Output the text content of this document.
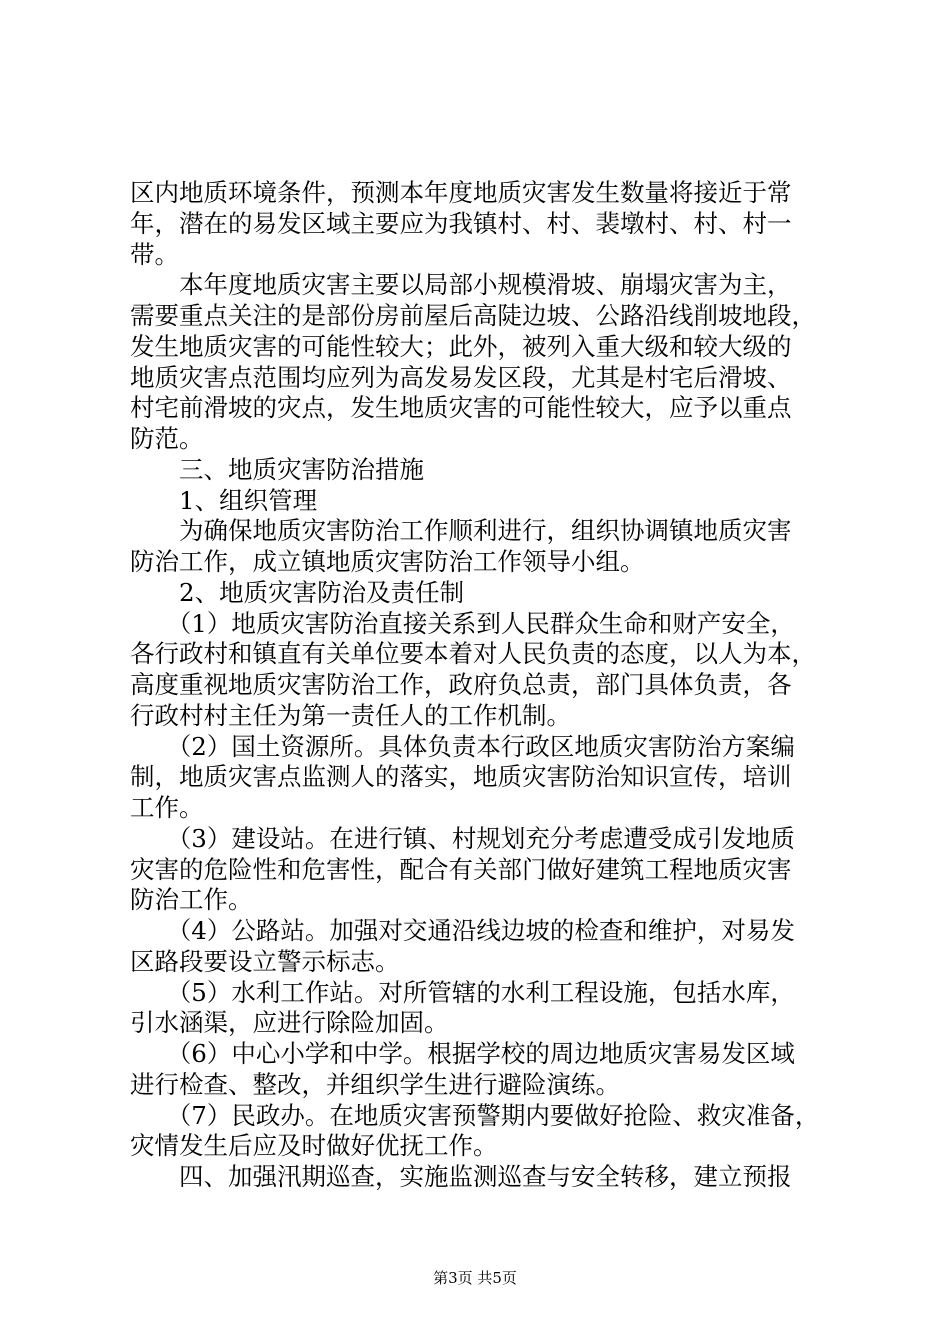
区内地质环境条件，预测本年度地质灾害发生数量将接近于常
年，潜在的易发区域主要应为我镇村、村、裴墩村、村、村一
带。
　　本年度地质灾害主要以局部小规模滑坡、崩塌灾害为主，
需要重点关注的是部份房前屋后高陡边坡、公路沿线削坡地段，
发生地质灾害的可能性较大；此外，被列入重大级和较大级的
地质灾害点范围均应列为高发易发区段，尤其是村宅后滑坡、
村宅前滑坡的灾点，发生地质灾害的可能性较大，应予以重点
防范。
　　三、地质灾害防治措施
　　1、组织管理
　　为确保地质灾害防治工作顺利进行，组织协调镇地质灾害
防治工作，成立镇地质灾害防治工作领导小组。
　　2、地质灾害防治及责任制
　　（1）地质灾害防治直接关系到人民群众生命和财产安全，
各行政村和镇直有关单位要本着对人民负责的态度，以人为本，
高度重视地质灾害防治工作，政府负总责，部门具体负责，各
行政村村主任为第一责任人的工作机制。
　　（2）国土资源所。具体负责本行政区地质灾害防治方案编
制，地质灾害点监测人的落实，地质灾害防治知识宣传，培训
工作。
　　（3）建设站。在进行镇、村规划充分考虑遭受成引发地质
灾害的危险性和危害性，配合有关部门做好建筑工程地质灾害
防治工作。
　　（4）公路站。加强对交通沿线边坡的检查和维护，对易发
区路段要设立警示标志。
　　（5）水利工作站。对所管辖的水利工程设施，包括水库，
引水涵渠，应进行除险加固。
　　（6）中心小学和中学。根据学校的周边地质灾害易发区域
进行检查、整改，并组织学生进行避险演练。
　　（7）民政办。在地质灾害预警期内要做好抢险、救灾准备，
灾情发生后应及时做好优抚工作。
　　四、加强汛期巡查，实施监测巡查与安全转移，建立预报
第3页 共5页
